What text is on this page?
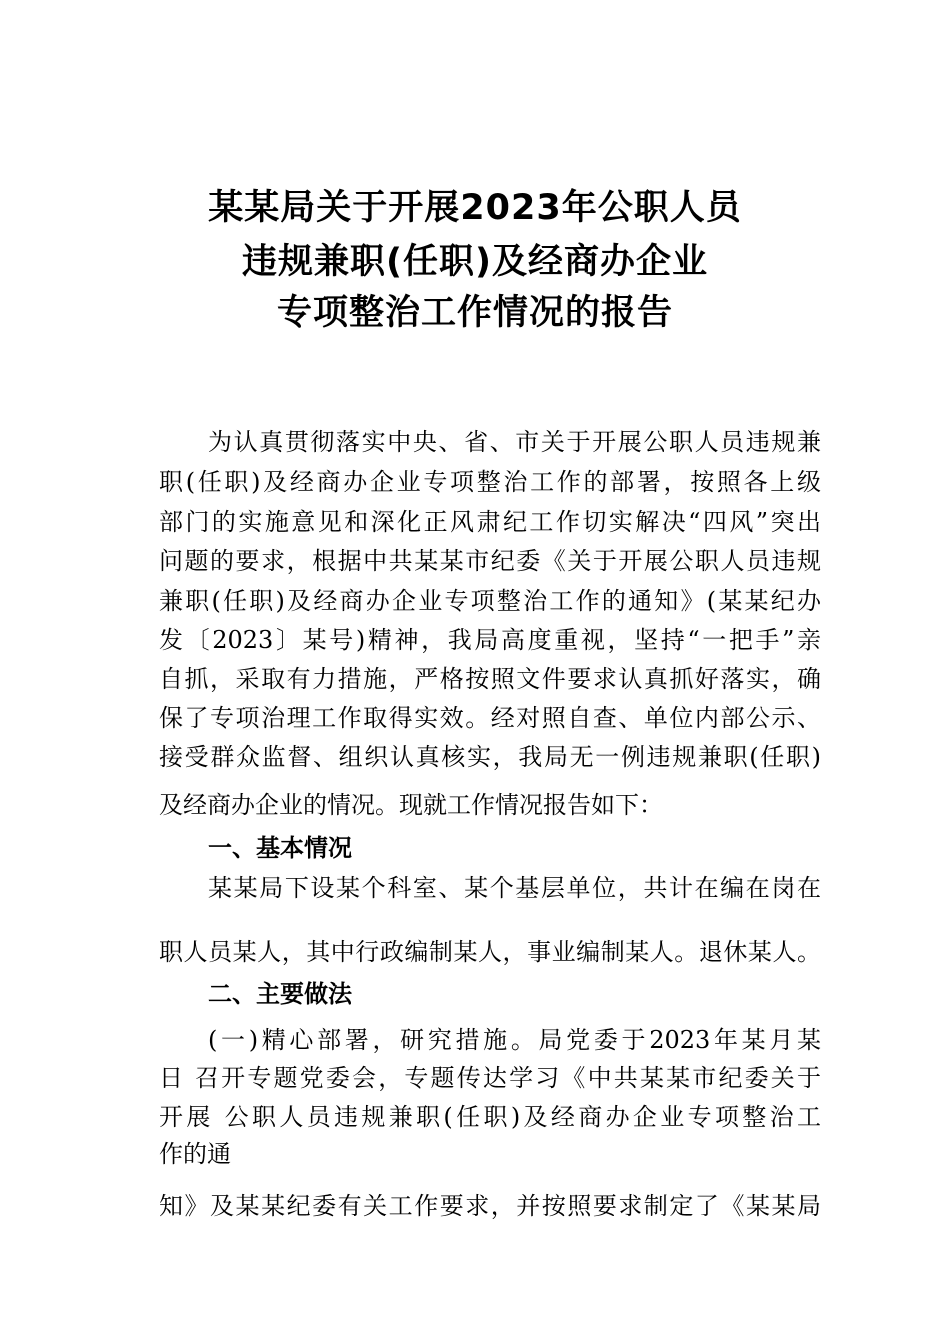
某某局关于开展2023年公职人员
违规兼职(任职)及经商办企业
专项整治工作情况的报告
为认真贯彻落实中央、省、市关于开展公职人员违规兼
职(任职)及经商办企业专项整治工作的部署，按照各上级
部门的实施意见和深化正风肃纪工作切实解决“四风”突出
问题的要求，根据中共某某市纪委《关于开展公职人员违规
兼职(任职)及经商办企业专项整治工作的通知》(某某纪办
发〔2023〕某号)精神，我局高度重视，坚持“一把手”亲
自抓，采取有力措施，严格按照文件要求认真抓好落实，确
保了专项治理工作取得实效。经对照自查、单位内部公示、
接受群众监督、组织认真核实，我局无一例违规兼职(任职)
及经商办企业的情况。现就工作情况报告如下：
一、基本情况
某某局下设某个科室、某个基层单位，共计在编在岗在
职人员某人，其中行政编制某人，事业编制某人。退休某人。
二、主要做法
(一)精心部署，研究措施。局党委于2023年某月某
日 召开专题党委会，专题传达学习《中共某某市纪委关于
开展 公职人员违规兼职(任职)及经商办企业专项整治工
作的通
知》及某某纪委有关工作要求，并按照要求制定了《某某局
